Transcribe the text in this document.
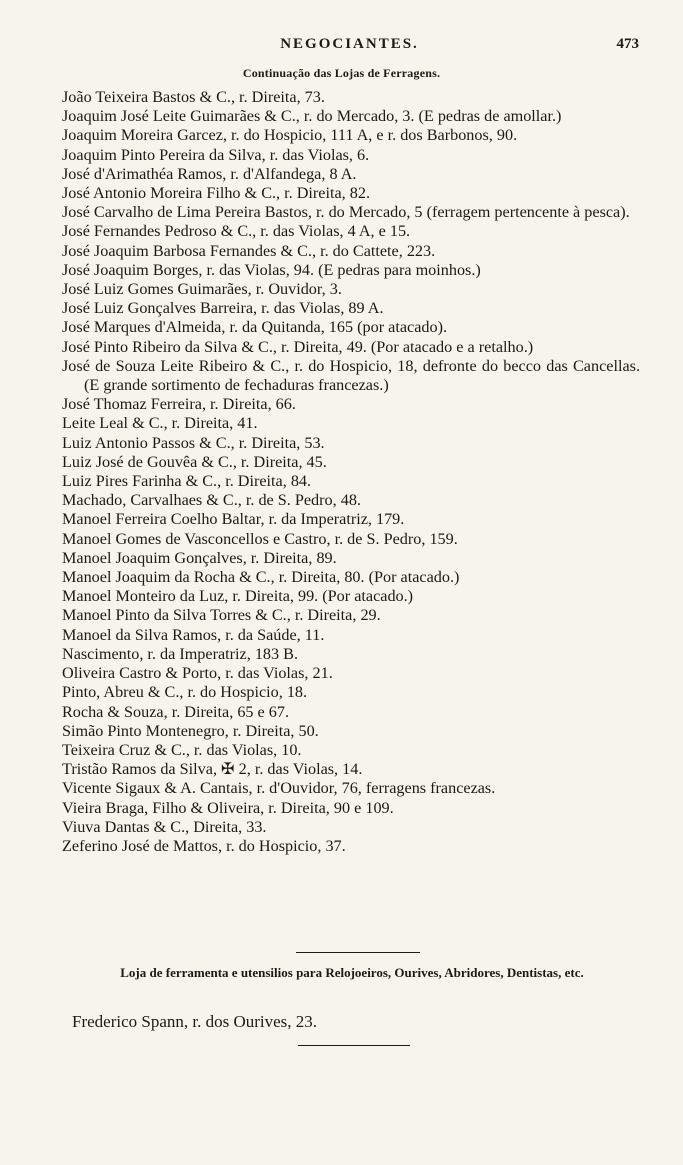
NEGOCIANTES.	473
Continuação das Lojas de Ferragens.
João Teixeira Bastos & C., r. Direita, 73.
Joaquim José Leite Guimarães & C., r. do Mercado, 3. (E pedras de amollar.)
Joaquim Moreira Garcez, r. do Hospicio, 111 A, e r. dos Barbonos, 90.
Joaquim Pinto Pereira da Silva, r. das Violas, 6.
José d'Arimathéa Ramos, r. d'Alfandega, 8 A.
José Antonio Moreira Filho & C., r. Direita, 82.
José Carvalho de Lima Pereira Bastos, r. do Mercado, 5 (ferragem pertencente à pesca).
José Fernandes Pedroso & C., r. das Violas, 4 A, e 15.
José Joaquim Barbosa Fernandes & C., r. do Cattete, 223.
José Joaquim Borges, r. das Violas, 94. (E pedras para moinhos.)
José Luiz Gomes Guimarães, r. Ouvidor, 3.
José Luiz Gonçalves Barreira, r. das Violas, 89 A.
José Marques d'Almeida, r. da Quitanda, 165 (por atacado).
José Pinto Ribeiro da Silva & C., r. Direita, 49. (Por atacado e a retalho.)
José de Souza Leite Ribeiro & C., r. do Hospicio, 18, defronte do becco das Cancellas. (E grande sortimento de fechaduras francezas.)
José Thomaz Ferreira, r. Direita, 66.
Leite Leal & C., r. Direita, 41.
Luiz Antonio Passos & C., r. Direita, 53.
Luiz José de Gouvêa & C., r. Direita, 45.
Luiz Pires Farinha & C., r. Direita, 84.
Machado, Carvalhaes & C., r. de S. Pedro, 48.
Manoel Ferreira Coelho Baltar, r. da Imperatriz, 179.
Manoel Gomes de Vasconcellos e Castro, r. de S. Pedro, 159.
Manoel Joaquim Gonçalves, r. Direita, 89.
Manoel Joaquim da Rocha & C., r. Direita, 80. (Por atacado.)
Manoel Monteiro da Luz, r. Direita, 99. (Por atacado.)
Manoel Pinto da Silva Torres & C., r. Direita, 29.
Manoel da Silva Ramos, r. da Saúde, 11.
Nascimento, r. da Imperatriz, 183 B.
Oliveira Castro & Porto, r. das Violas, 21.
Pinto, Abreu & C., r. do Hospicio, 18.
Rocha & Souza, r. Direita, 65 e 67.
Simão Pinto Montenegro, r. Direita, 50.
Teixeira Cruz & C., r. das Violas, 10.
Tristão Ramos da Silva, ✠ 2, r. das Violas, 14.
Vicente Sigaux & A. Cantais, r. d'Ouvidor, 76, ferragens francezas.
Vieira Braga, Filho & Oliveira, r. Direita, 90 e 109.
Viuva Dantas & C., Direita, 33.
Zeferino José de Mattos, r. do Hospicio, 37.
Loja de ferramenta e utensilios para Relojoeiros, Ourives, Abridores, Dentistas, etc.
Frederico Spann, r. dos Ourives, 23.
